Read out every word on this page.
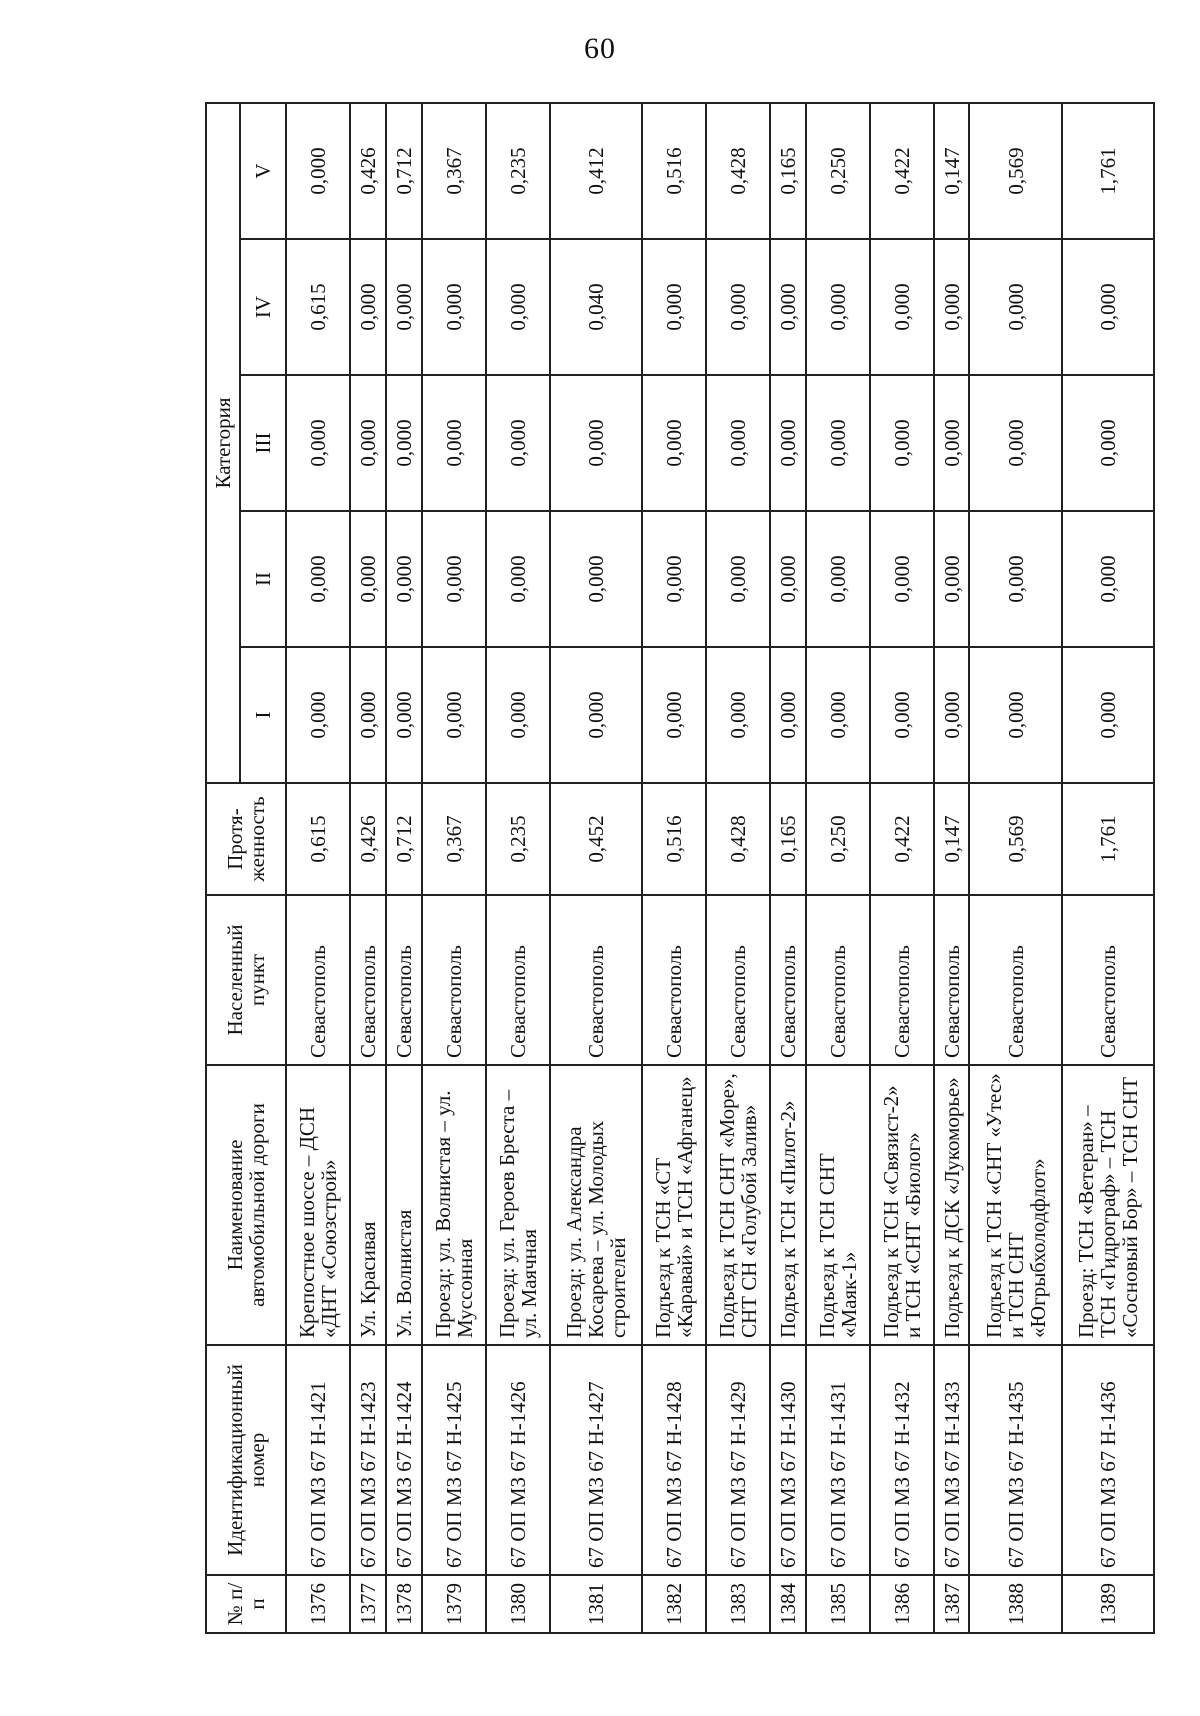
60
№ п/п	Идентификационный номер	Наименование автомобильной дороги	Населенный пункт	Протя-женность	Категория				
					I	II	III	IV	V
1376	67 ОП МЗ 67 Н-1421	Крепостное шоссе – ДСН «ДНТ «Союзстрой»	Севастополь	0,615	0,000	0,000	0,000	0,615	0,000
1377	67 ОП МЗ 67 Н-1423	Ул. Красивая	Севастополь	0,426	0,000	0,000	0,000	0,000	0,426
1378	67 ОП МЗ 67 Н-1424	Ул. Волнистая	Севастополь	0,712	0,000	0,000	0,000	0,000	0,712
1379	67 ОП МЗ 67 Н-1425	Проезд: ул. Волнистая – ул. Муссонная	Севастополь	0,367	0,000	0,000	0,000	0,000	0,367
1380	67 ОП МЗ 67 Н-1426	Проезд: ул. Героев Бреста – ул. Маячная	Севастополь	0,235	0,000	0,000	0,000	0,000	0,235
1381	67 ОП МЗ 67 Н-1427	Проезд: ул. Александра Косарева – ул. Молодых строителей	Севастополь	0,452	0,000	0,000	0,000	0,040	0,412
1382	67 ОП МЗ 67 Н-1428	Подъезд к ТСН «СТ «Каравай» и ТСН «Афганец»	Севастополь	0,516	0,000	0,000	0,000	0,000	0,516
1383	67 ОП МЗ 67 Н-1429	Подъезд к ТСН СНТ «Море», СНТ СН «Голубой Залив»	Севастополь	0,428	0,000	0,000	0,000	0,000	0,428
1384	67 ОП МЗ 67 Н-1430	Подъезд к ТСН «Пилот-2»	Севастополь	0,165	0,000	0,000	0,000	0,000	0,165
1385	67 ОП МЗ 67 Н-1431	Подъезд к ТСН СНТ «Маяк-1»	Севастополь	0,250	0,000	0,000	0,000	0,000	0,250
1386	67 ОП МЗ 67 Н-1432	Подъезд к ТСН «Связист-2» и ТСН «СНТ «Биолог»	Севастополь	0,422	0,000	0,000	0,000	0,000	0,422
1387	67 ОП МЗ 67 Н-1433	Подъезд к ДСК «Лукоморье»	Севастополь	0,147	0,000	0,000	0,000	0,000	0,147
1388	67 ОП МЗ 67 Н-1435	Подъезд к ТСН «СНТ «Утес» и ТСН СНТ «Югрыбхолодфлот»	Севастополь	0,569	0,000	0,000	0,000	0,000	0,569
1389	67 ОП МЗ 67 Н-1436	Проезд: ТСН «Ветеран» – ТСН «Гидрограф» – ТСН «Сосновый Бор» – ТСН СНТ	Севастополь	1,761	0,000	0,000	0,000	0,000	1,761
